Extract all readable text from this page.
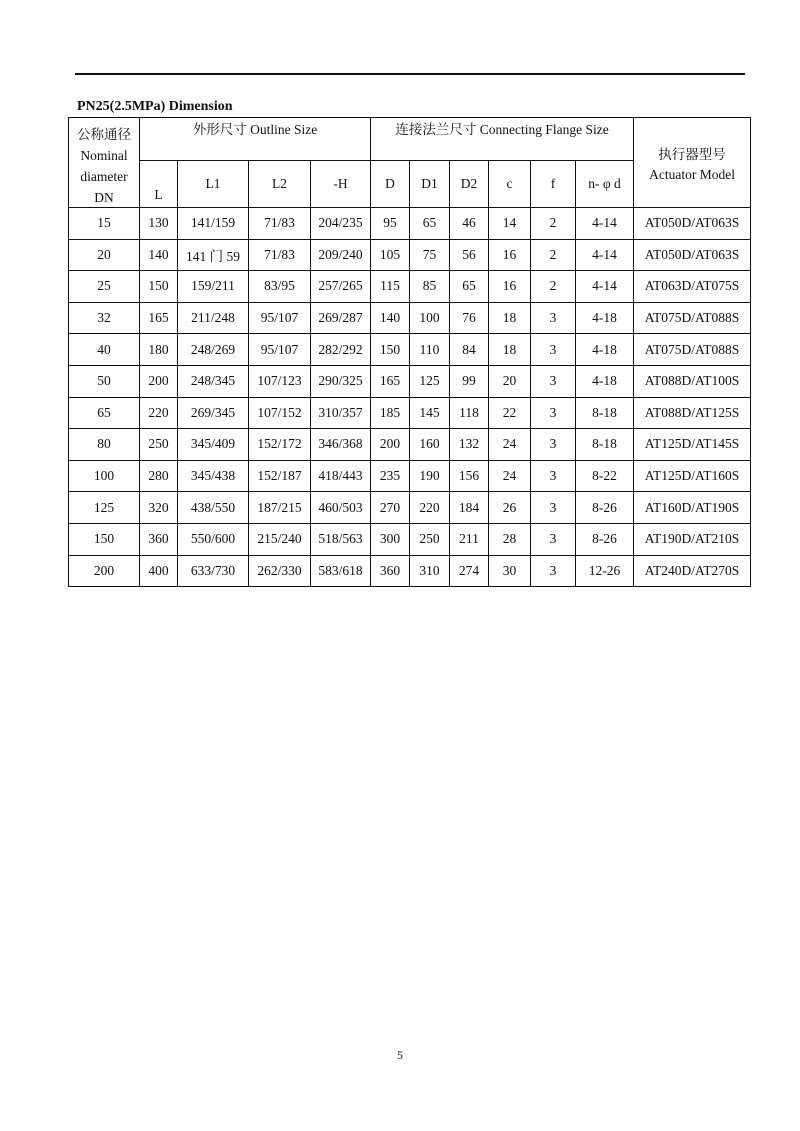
PN25(2.5MPa) Dimension
公称通径
Nominal
diameter
DN	外形尺寸 Outline Size				连接法兰尺寸 Connecting Flange Size						执行器型号
Actuator Model

	L	L1	L2	-H	D	D1	D2	c	f	n- φ d	
15	130	141/159	71/83	204/235	95	65	46	14	2	4-14	AT050D/AT063S
20	140	141 门 59	71/83	209/240	105	75	56	16	2	4-14	AT050D/AT063S
25	150	159/211	83/95	257/265	115	85	65	16	2	4-14	AT063D/AT075S
32	165	211/248	95/107	269/287	140	100	76	18	3	4-18	AT075D/AT088S
40	180	248/269	95/107	282/292	150	110	84	18	3	4-18	AT075D/AT088S
50	200	248/345	107/123	290/325	165	125	99	20	3	4-18	AT088D/AT100S
65	220	269/345	107/152	310/357	185	145	118	22	3	8-18	AT088D/AT125S
80	250	345/409	152/172	346/368	200	160	132	24	3	8-18	AT125D/AT145S
100	280	345/438	152/187	418/443	235	190	156	24	3	8-22	AT125D/AT160S
125	320	438/550	187/215	460/503	270	220	184	26	3	8-26	AT160D/AT190S
150	360	550/600	215/240	518/563	300	250	211	28	3	8-26	AT190D/AT210S
200	400	633/730	262/330	583/618	360	310	274	30	3	12-26	AT240D/AT270S
5
